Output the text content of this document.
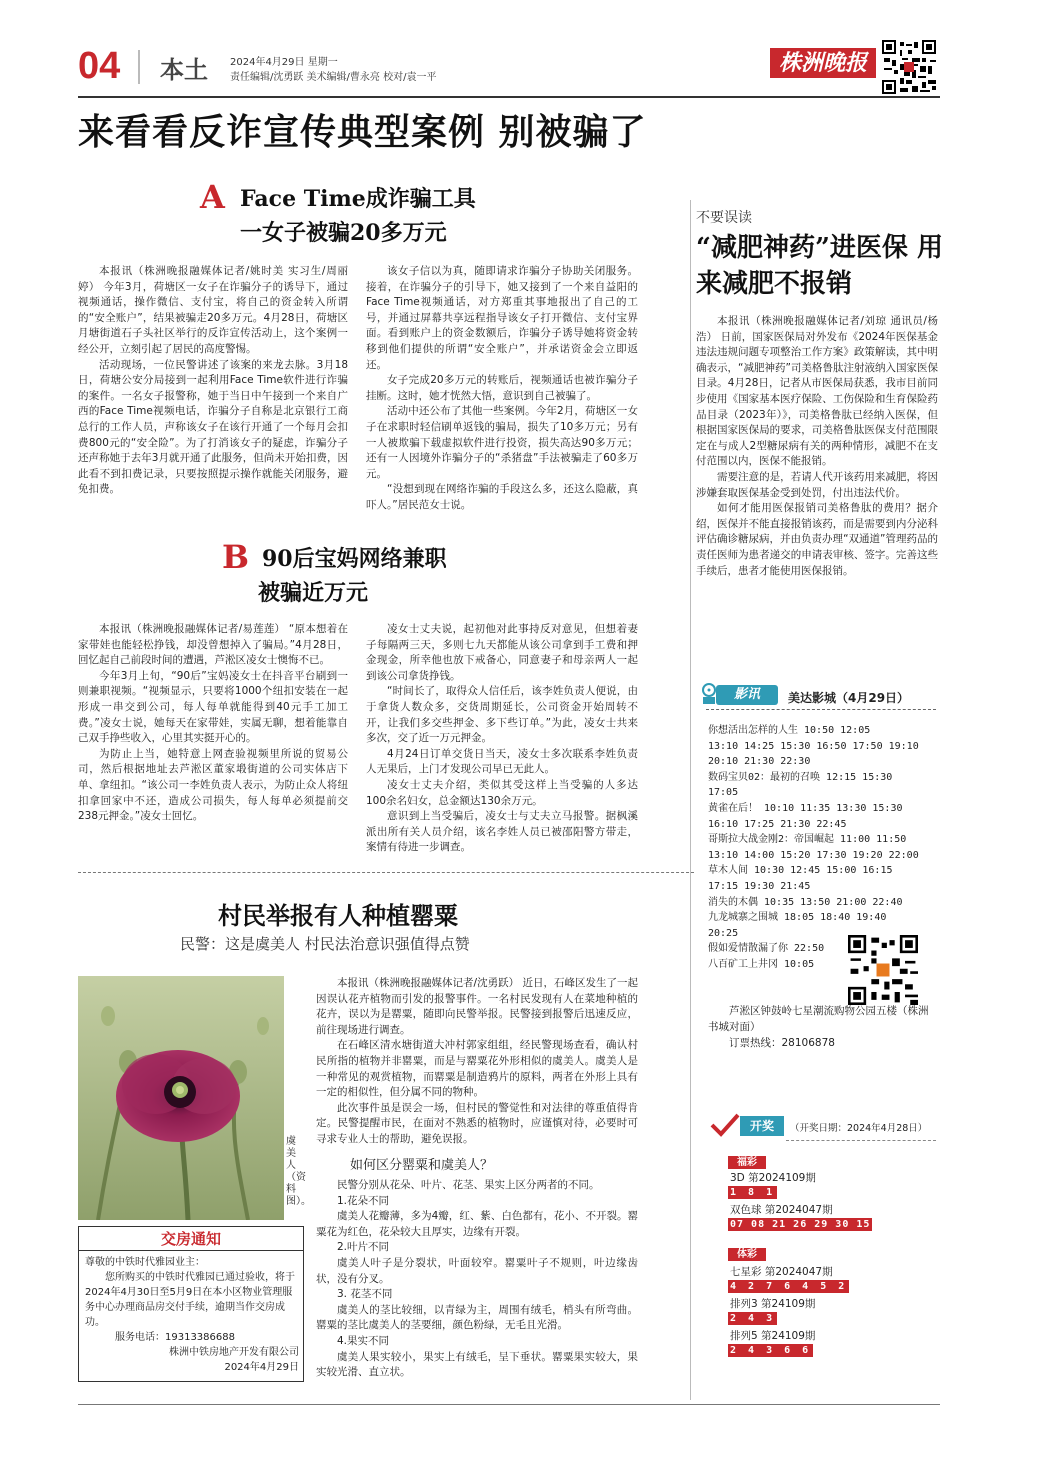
04 本土 2024年4月29日 星期一
责任编辑/沈勇跃 美术编辑/曹永亮 校对/袁一平
株洲晚报
来看看反诈宣传典型案例 别被骗了
A Face Time成诈骗工具
一女子被骗20多万元

本报讯（株洲晚报融媒体记者/姚时美 实习生/周丽婷） 今年3月，荷塘区一女子在诈骗分子的诱导下，通过视频通话，操作微信、支付宝，将自己的资金转入所谓的“安全账户”，结果被骗走20多万元。4月28日，荷塘区月塘街道石子头社区举行的反诈宣传活动上，这个案例一经公开，立刻引起了居民的高度警惕。

活动现场，一位民警讲述了该案的来龙去脉。3月18日，荷塘公安分局接到一起利用Face Time软件进行诈骗的案件。一名女子报警称，她于当日中午接到一个来自广西的Face Time视频电话，诈骗分子自称是北京银行工商总行的工作人员，声称该女子在该行开通了一个每月会扣费800元的“安全险”。为了打消该女子的疑虑，诈骗分子还声称她于去年3月就开通了此服务，但尚未开始扣费，因此看不到扣费记录，只要按照提示操作就能关闭服务，避免扣费。

该女子信以为真，随即请求诈骗分子协助关闭服务。接着，在诈骗分子的引导下，她又接到了一个来自益阳的Face Time视频通话，对方郑重其事地报出了自己的工号，并通过屏幕共享远程指导该女子打开微信、支付宝界面。看到账户上的资金数额后，诈骗分子诱导她将资金转移到他们提供的所谓“安全账户”，并承诺资金会立即返还。

女子完成20多万元的转账后，视频通话也被诈骗分子挂断。这时，她才恍然大悟，意识到自己被骗了。

活动中还公布了其他一些案例。今年2月，荷塘区一女子在求职时轻信刷单返钱的骗局，损失了10多万元；另有一人被欺骗下载虚拟软件进行投资，损失高达90多万元；还有一人因境外诈骗分子的“杀猪盘”手法被骗走了60多万元。

“没想到现在网络诈骗的手段这么多，还这么隐蔽，真吓人。”居民范女士说。

B 90后宝妈网络兼职
被骗近万元

本报讯（株洲晚报融媒体记者/易莲莲） “原本想着在家带娃也能轻松挣钱，却没曾想掉入了骗局。”4月28日，回忆起自己前段时间的遭遇，芦淞区凌女士懊悔不已。

今年3月上旬，“90后”宝妈凌女士在抖音平台刷到一则兼职视频。“视频显示，只要将1000个纽扣安装在一起形成一串交到公司，每人每单就能得到40元手工加工费。”凌女士说，她每天在家带娃，实属无聊，想着能靠自己双手挣些收入，心里其实挺开心的。

为防止上当，她特意上网查验视频里所说的贸易公司，然后根据地址去芦淞区董家塅街道的公司实体店下单、拿纽扣。“该公司一李姓负责人表示，为防止众人将纽扣拿回家中不还，造成公司损失，每人每单必须提前交238元押金。”凌女士回忆。

凌女士丈夫说，起初他对此事持反对意见，但想着妻子每隔两三天，多则七九天都能从该公司拿到手工费和押金现金，所幸他也放下戒备心，同意妻子和母亲两人一起到该公司拿货挣钱。

“时间长了，取得众人信任后，该李姓负责人便说，由于拿货人数众多，交货周期延长，公司资金开始周转不开，让我们多交些押金、多下些订单。”为此，凌女士共来多次，交了近一万元押金。

4月24日订单交货日当天，凌女士多次联系李姓负责人无果后，上门才发现公司早已无此人。

凌女士丈夫介绍，类似其受这样上当受骗的人多达100余名妇女，总金额达130余万元。

意识到上当受骗后，凌女士与丈夫立马报警。据枫溪派出所有关人员介绍，该名李姓人员已被邵阳警方带走，案情有待进一步调查。

不要误读
“减肥神药”进医保 用来减肥不报销

本报讯（株洲晚报融媒体记者/刘琼 通讯员/杨浩） 日前，国家医保局对外发布《2024年医保基金违法违规问题专项整治工作方案》政策解读，其中明确表示，“减肥神药”司美格鲁肽注射液纳入国家医保目录。4月28日，记者从市医保局获悉，我市目前同步使用《国家基本医疗保险、工伤保险和生育保险药品目录（2023年）》，司美格鲁肽已经纳入医保，但根据国家医保局的要求，司美格鲁肽医保支付范围限定在与成人2型糖尿病有关的两种情形，减肥不在支付范围以内，医保不能报销。

需要注意的是，若请人代开该药用来减肥，将因涉嫌套取医保基金受到处罚，付出违法代价。

如何才能用医保报销司美格鲁肽的费用？据介绍，医保并不能直接报销该药，而是需要到内分泌科评估确诊糖尿病，并由负责办理“双通道”管理药品的责任医师为患者递交的申请表审核、签字。完善这些手续后，患者才能使用医保报销。

影讯	美达影城（4月29日）
你想活出怎样的人生 10:50 12:05
13:10 14:25 15:30 16:50 17:50 19:10
20:10 21:30 22:30
数码宝贝02：最初的召唤 12:15 15:30
17:05
黄雀在后！ 10:10 11:35 13:30 15:30
16:10 17:25 21:30 22:45
哥斯拉大战金刚2：帝国崛起 11:00 11:50
13:10 14:00 15:20 17:30 19:20 22:00
草木人间 10:30 12:45 15:00 16:15
17:15 19:30 21:45
消失的木偶 10:35 13:50 21:00 22:40
九龙城寨之围城 18:05 18:40 19:40
20:25
假如爱情散漏了你 22:50
八百矿工上井冈 10:05
芦淞区钟鼓岭七星潮流购物公园五楼（株洲书城对面）
订票热线：28106878
开奖	（开奖日期：2024年4月28日）
福彩
3D 第2024109期
1 8 1
双色球 第2024047期
07 08 21 26 29 30 15
体彩
七星彩 第2024047期
4 2 7 6 4 5 2
排列3 第24109期
2 4 3
排列5 第24109期
2 4 3 6 6
村民举报有人种植罂粟
民警：这是虞美人 村民法治意识强值得点赞
虞美人（资料图）。

本报讯（株洲晚报融媒体记者/沈勇跃） 近日，石峰区发生了一起因误认花卉植物而引发的报警事件。一名村民发现有人在菜地种植的花卉，误以为是罂粟，随即向民警举报。民警接到报警后迅速反应，前往现场进行调查。

在石峰区清水塘街道大冲村郭家组组，经民警现场查看，确认村民所指的植物并非罂粟，而是与罂粟花外形相似的虞美人。虞美人是一种常见的观赏植物，而罂粟是制造鸦片的原料，两者在外形上具有一定的相似性，但分属不同的物种。

此次事件虽是误会一场，但村民的警觉性和对法律的尊重值得肯定。民警提醒市民，在面对不熟悉的植物时，应谨慎对待，必要时可寻求专业人士的帮助，避免误报。

如何区分罂粟和虞美人？

民警分别从花朵、叶片、花茎、果实上区分两者的不同。

1.花朵不同

虞美人花瓣薄，多为4瓣，红、紫、白色都有，花小、不开裂。罂粟花为红色，花朵较大且厚实，边缘有开裂。

2.叶片不同

虞美人叶子是分裂状，叶面较窄。罂粟叶子不规则，叶边缘齿状，没有分叉。

3. 花茎不同

虞美人的茎比较细，以青绿为主，周围有绒毛，梢头有所弯曲。罂粟的茎比虞美人的茎要细，颜色粉绿，无毛且光滑。

4.果实不同

虞美人果实较小，果实上有绒毛，呈下垂状。罂粟果实较大，果实较光滑、直立状。

交房通知
尊敬的中铁时代雅园业主：
您所购买的中铁时代雅园已通过验收，将于2024年4月30日至5月9日在本小区物业管理服务中心办理商品房交付手续，逾期当作交房成功。
服务电话：19313386688
株洲中铁房地产开发有限公司
2024年4月29日
